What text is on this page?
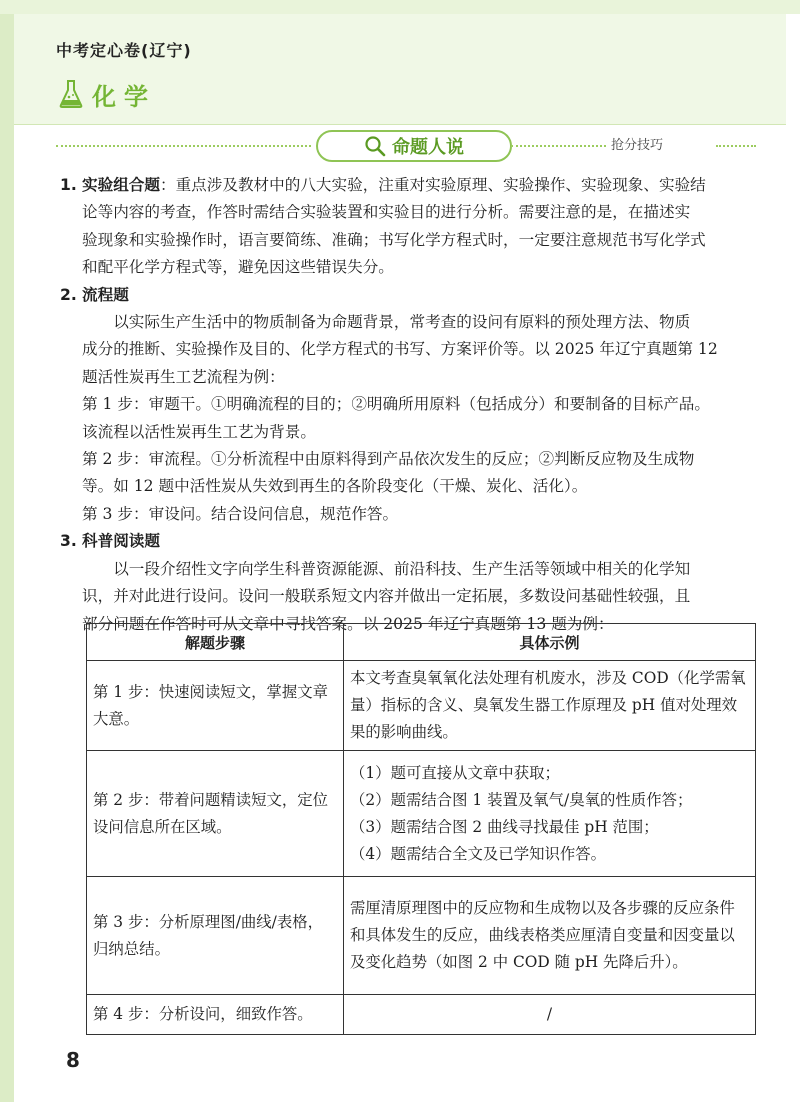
中考定心卷(辽宁)
化学
命题人说	抢分技巧

1. 实验组合题：重点涉及教材中的八大实验，注重对实验原理、实验操作、实验现象、实验结

论等内容的考查，作答时需结合实验装置和实验目的进行分析。需要注意的是，在描述实

验现象和实验操作时，语言要简练、准确；书写化学方程式时，一定要注意规范书写化学式

和配平化学方程式等，避免因这些错误失分。

2. 流程题

以实际生产生活中的物质制备为命题背景，常考查的设问有原料的预处理方法、物质

成分的推断、实验操作及目的、化学方程式的书写、方案评价等。以 2025 年辽宁真题第 12

题活性炭再生工艺流程为例：

第 1 步：审题干。①明确流程的目的；②明确所用原料（包括成分）和要制备的目标产品。

该流程以活性炭再生工艺为背景。

第 2 步：审流程。①分析流程中由原料得到产品依次发生的反应；②判断反应物及生成物

等。如 12 题中活性炭从失效到再生的各阶段变化（干燥、炭化、活化）。

第 3 步：审设问。结合设问信息，规范作答。

3. 科普阅读题

以一段介绍性文字向学生科普资源能源、前沿科技、生产生活等领域中相关的化学知

识，并对此进行设问。设问一般联系短文内容并做出一定拓展，多数设问基础性较强，且

部分问题在作答时可从文章中寻找答案。以 2025 年辽宁真题第 13 题为例：

解题步骤	具体示例
第 1 步：快速阅读短文，掌握文章大意。	本文考查臭氧氧化法处理有机废水，涉及 COD（化学需氧量）指标的含义、臭氧发生器工作原理及 pH 值对处理效果的影响曲线。
第 2 步：带着问题精读短文，定位设问信息所在区域。	（1）题可直接从文章中获取；
（2）题需结合图 1 装置及氧气/臭氧的性质作答；
（3）题需结合图 2 曲线寻找最佳 pH 范围；
（4）题需结合全文及已学知识作答。

第 3 步：分析原理图/曲线/表格，归纳总结。	需厘清原理图中的反应物和生成物以及各步骤的反应条件和具体发生的反应，曲线表格类应厘清自变量和因变量以及变化趋势（如图 2 中 COD 随 pH 先降后升）。
第 4 步：分析设问，细致作答。	/
8
